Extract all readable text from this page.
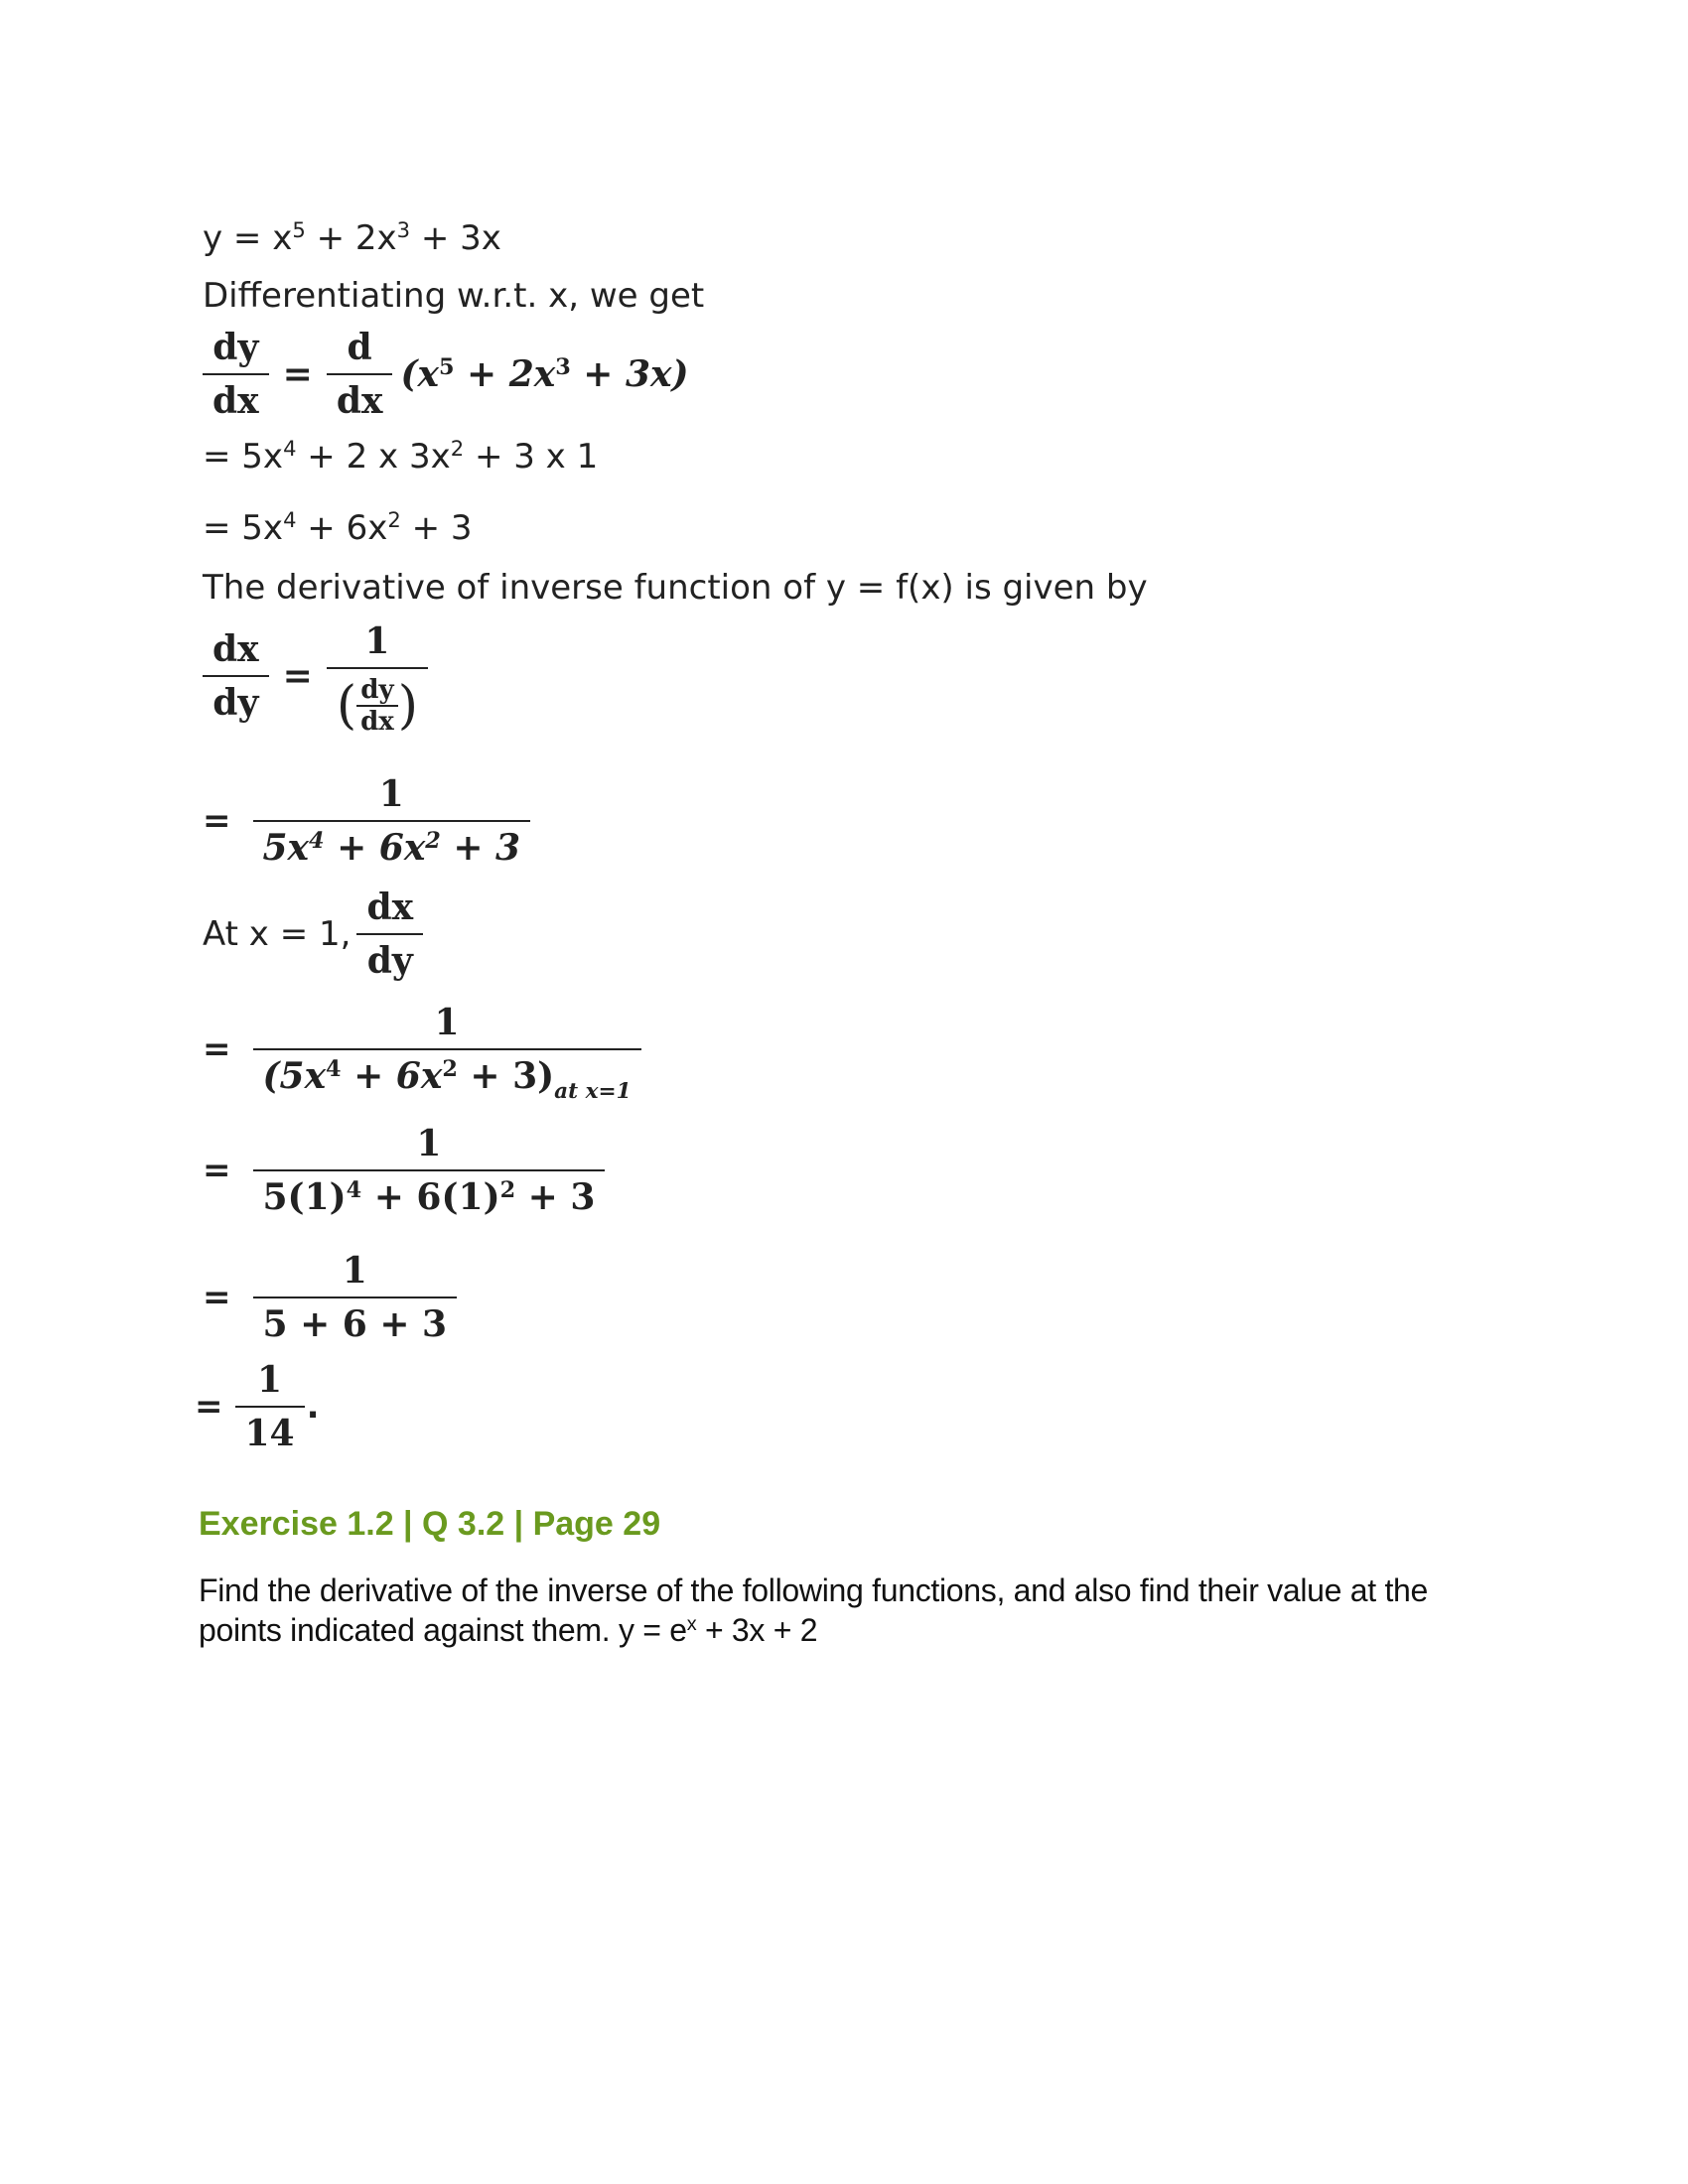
$y = x^5 + 2x^3 + 3x$
Differentiating w.r.t. x, we get
$\frac{dy}{dx} = \frac{d}{dx} (x^5 + 2x^3 + 3x)$
= $5x^4 + 2$ x $3x^2 + 3$ x 1
= $5x^4 + 6x^2 + 3$
The derivative of inverse function of y = f(x) is given by
$\frac{dx}{dy} = \frac{1}{( \frac{dy}{dx} )}$
= $\frac{1}{5x^4 + 6x^2 + 3}$
At x = 1, $\frac{dx}{dy}$
= $\frac{1}{(5x^4 + 6x^2 + 3)_{at x=1}}$
= $\frac{1}{5(1)^4 + 6(1)^2 + 3}$
= $\frac{1}{5 + 6 + 3}$
= $\frac{1}{14}$ .
Exercise 1.2 | Q 3.2 | Page 29
Find the derivative of the inverse of the following functions, and also find their value at the points indicated against them. $y = e^x + 3x + 2$
